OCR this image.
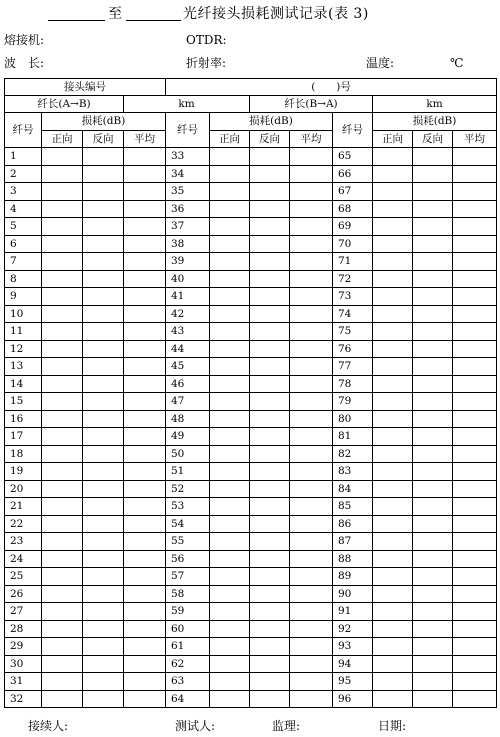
至	光纤接头损耗测试记录(表 3)
熔接机:	OTDR:
波　长:	折射率:	温度:	℃
接头编号				(　　)号							
纤长(A→B)			km			纤长(B→A)			km		
纤号	损耗(dB)			纤号	损耗(dB)			纤号	损耗(dB)		
	正向	反向	平均		正向	反向	平均		正向	反向	平均
1				33				65			
2				34				66			
3				35				67			
4				36				68			
5				37				69			
6				38				70			
7				39				71			
8				40				72			
9				41				73			
10				42				74			
11				43				75			
12				44				76			
13				45				77			
14				46				78			
15				47				79			
16				48				80			
17				49				81			
18				50				82			
19				51				83			
20				52				84			
21				53				85			
22				54				86			
23				55				87			
24				56				88			
25				57				89			
26				58				90			
27				59				91			
28				60				92			
29				61				93			
30				62				94			
31				63				95			
32				64				96			
接续人:	测试人:	监理:	日期:
